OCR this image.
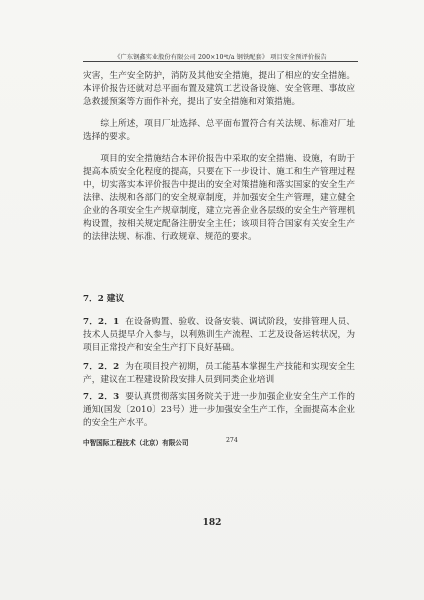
《广东钢鑫实业股份有限公司 200×10⁴t/a 钢铁配套》 项目安全预评价报告
灾害，生产安全防护，消防及其他安全措施，提出了相应的安全措施。本评价报告还就对总平面布置及建筑工艺设备设施、安全管理、事故应急救援预案等方面作补充，提出了安全措施和对策措施。
综上所述，项目厂址选择、总平面布置符合有关法规、标准对厂址选择的要求。
项目的安全措施结合本评价报告中采取的安全措施、设施，有助于提高本质安全化程度的提高，只要在下一步设计、施工和生产管理过程中，切实落实本评价报告中提出的安全对策措施和落实国家的安全生产法律、法规和各部门的安全规章制度，并加强安全生产管理，建立健全企业的各项安全生产规章制度，建立完善企业各层级的安全生产管理机构设置，按相关规定配备注册安全主任；该项目符合国家有关安全生产的法律法规、标准、行政规章、规范的要求。
7．2 建议
7．2．1 在设备购置、验收、设备安装、调试阶段，安排管理人员、技术人员提早介入参与，以利熟训生产流程、工艺及设备运转状况，为项目正常投产和安全生产打下良好基础。
7．2．2 为在项目投产初期，员工能基本掌握生产技能和实现安全生产，建议在工程建设阶段安排人员到同类企业培训
7．2．3 要认真贯彻落实国务院关于进一步加强企业安全生产工作的通知(国发〔2010〕23号）进一步加强安全生产工作，全面提高本企业的安全生产水平。
中智国际工程技术（北京）有限公司	274
182
